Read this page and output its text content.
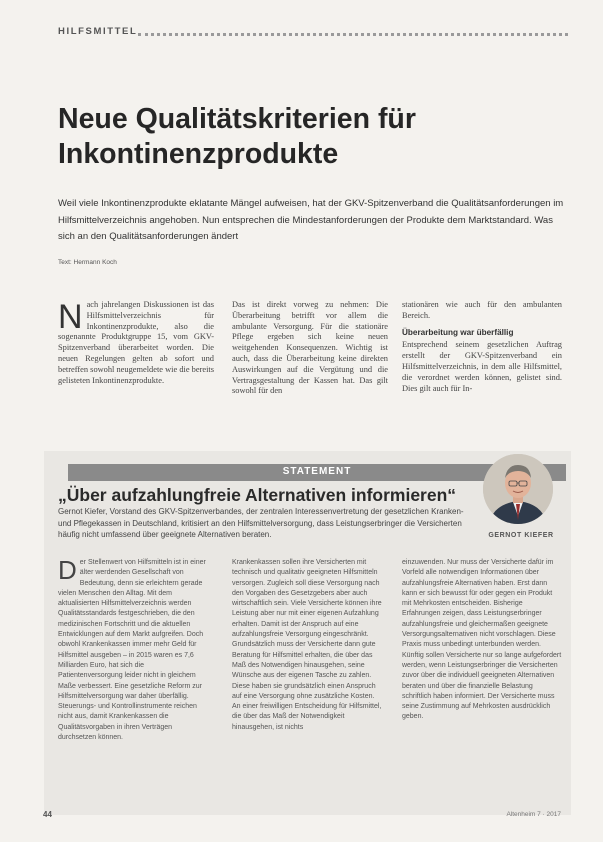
HILFSMITTEL
Neue Qualitätskriterien für
Inkontinenzprodukte

Weil viele Inkontinenzprodukte eklatante Mängel aufweisen, hat der GKV-Spitzenverband die Qualitätsanforderungen im Hilfsmittelverzeichnis angehoben. Nun entsprechen die Mindestanforderungen der Produkte dem Marktstandard. Was sich an den Qualitätsanforderungen ändert

Text: Hermann Koch
N ach jahrelangen Diskussionen ist das Hilfsmittelverzeichnis für Inkontinenzprodukte, also die sogenannte Produktgruppe 15, vom GKV-Spitzenverband überarbeitet worden. Die neuen Regelungen gelten ab sofort und betreffen sowohl neugemeldete wie die bereits gelisteten Inkontinenzprodukte.
Das ist direkt vorweg zu nehmen: Die Überarbeitung betrifft vor allem die ambulante Versorgung. Für die stationäre Pflege ergeben sich keine neuen weitgehenden Konsequenzen. Wichtig ist auch, dass die Überarbeitung keine direkten Auswirkungen auf die Vergütung und die Vertragsgestaltung der Kassen hat. Das gilt sowohl für den
stationären wie auch für den ambulanten Bereich.
Überarbeitung war überfällig
Entsprechend seinem gesetzlichen Auftrag erstellt der GKV-Spitzenverband ein Hilfsmittelverzeichnis, in dem alle Hilfsmittel, die verordnet werden können, gelistet sind. Dies gilt auch für In-
STATEMENT
„Über aufzahlungfreie Alternativen informieren“
Gernot Kiefer, Vorstand des GKV-Spitzenverbandes, der zentralen Interessenvertretung der gesetzlichen Kranken- und Pflegekassen in Deutschland, kritisiert an den Hilfsmittelversorgung, dass Leistungserbringer die Versicherten häufig nicht umfassend über geeignete Alternativen beraten.	GERNOT KIEFER
D er Stellenwert von Hilfsmitteln ist in einer älter werdenden Gesellschaft von Bedeutung, denn sie erleichtern gerade vielen Menschen den Alltag. Mit dem aktualisierten Hilfsmittelverzeichnis werden Qualitätsstandards festgeschrieben, die den medizinischen Fortschritt und die aktuellen Entwicklungen auf dem Markt aufgreifen. Doch obwohl Krankenkassen immer mehr Geld für Hilfsmittel ausgeben – in 2015 waren es 7,6 Milliarden Euro, hat sich die Patientenversorgung leider nicht in gleichem Maße verbessert. Eine gesetzliche Reform zur Hilfsmittelversorgung war daher überfällig. Steuerungs- und Kontrollinstrumente reichen nicht aus, damit Krankenkassen die Qualitätsvorgaben in ihren Verträgen durchsetzen können.
Krankenkassen sollen ihre Versicherten mit technisch und qualitativ geeigneten Hilfsmitteln versorgen. Zugleich soll diese Versorgung nach den Vorgaben des Gesetzgebers aber auch wirtschaftlich sein. Viele Versicherte können ihre Leistung aber nur mit einer eigenen Aufzahlung erhalten. Damit ist der Anspruch auf eine aufzahlungsfreie Versorgung eingeschränkt. Grundsätzlich muss der Versicherte dann gute Beratung für Hilfsmittel erhalten, die über das Maß des Notwendigen hinausgehen, seine Wünsche aus der eigenen Tasche zu zahlen. Diese haben sie grundsätzlich einen Anspruch auf eine Versorgung ohne zusätzliche Kosten. An einer freiwilligen Entscheidung für Hilfsmittel, die über das Maß der Notwendigkeit hinausgehen, ist nichts
einzuwenden. Nur muss der Versicherte dafür im Vorfeld alle notwendigen Informationen über aufzahlungsfreie Alternativen haben. Erst dann kann er sich bewusst für oder gegen ein Produkt mit Mehrkosten entscheiden. Bisherige Erfahrungen zeigen, dass Leistungserbringer aufzahlungsfreie und gleichermaßen geeignete Versorgungsalternativen nicht vorschlagen. Diese Praxis muss unbedingt unterbunden werden. Künftig sollen Versicherte nur so lange aufgefordert werden, wenn Leistungserbringer die Versicherten zuvor über die individuell geeigneten Alternativen beraten und über die finanzielle Belastung schriftlich haben informiert. Der Versicherte muss seine Zustimmung auf Mehrkosten ausdrücklich geben.
44	Altenheim 7 · 2017
